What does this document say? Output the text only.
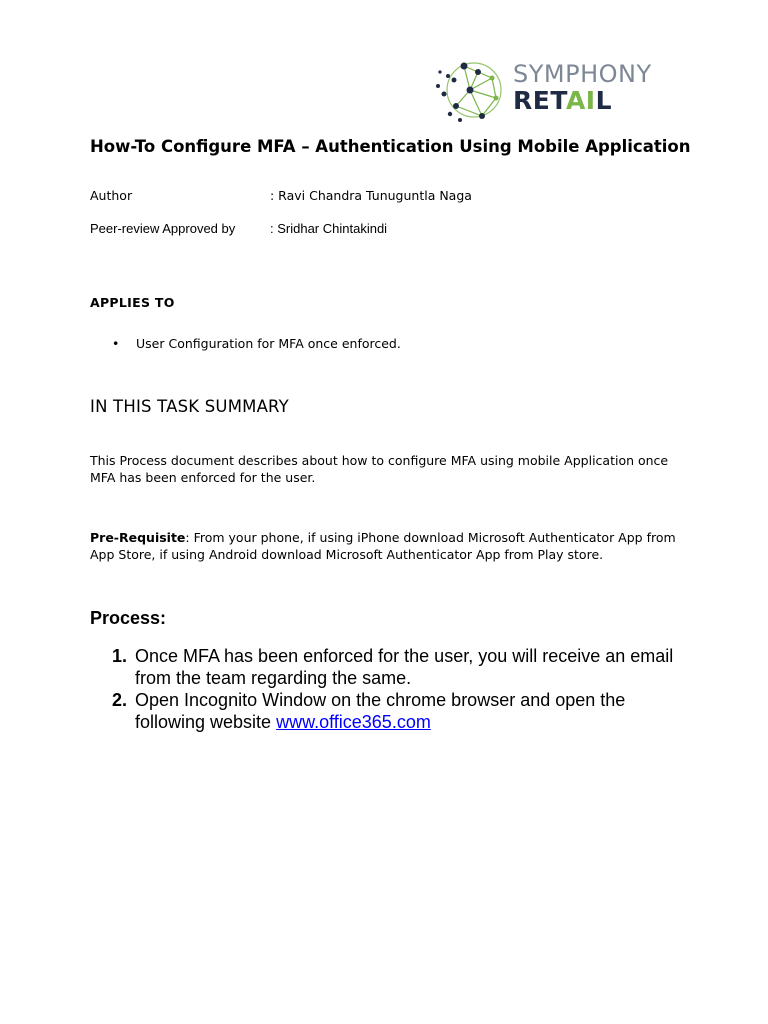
SYMPHONY
RETAIL
How-To Configure MFA – Authentication Using Mobile Application
Author	: Ravi Chandra Tunuguntla Naga
Peer-review Approved by	: Sridhar Chintakindi
APPLIES TO
• User Configuration for MFA once enforced.
IN THIS TASK SUMMARY

This Process document describes about how to configure MFA using mobile Application once MFA has been enforced for the user.

Pre-Requisite: From your phone, if using iPhone download Microsoft Authenticator App from App Store, if using Android download Microsoft Authenticator App from Play store.

Process:
1. Once MFA has been enforced for the user, you will receive an email from the team regarding the same.
2. Open Incognito Window on the chrome browser and open the following website www.office365.com
